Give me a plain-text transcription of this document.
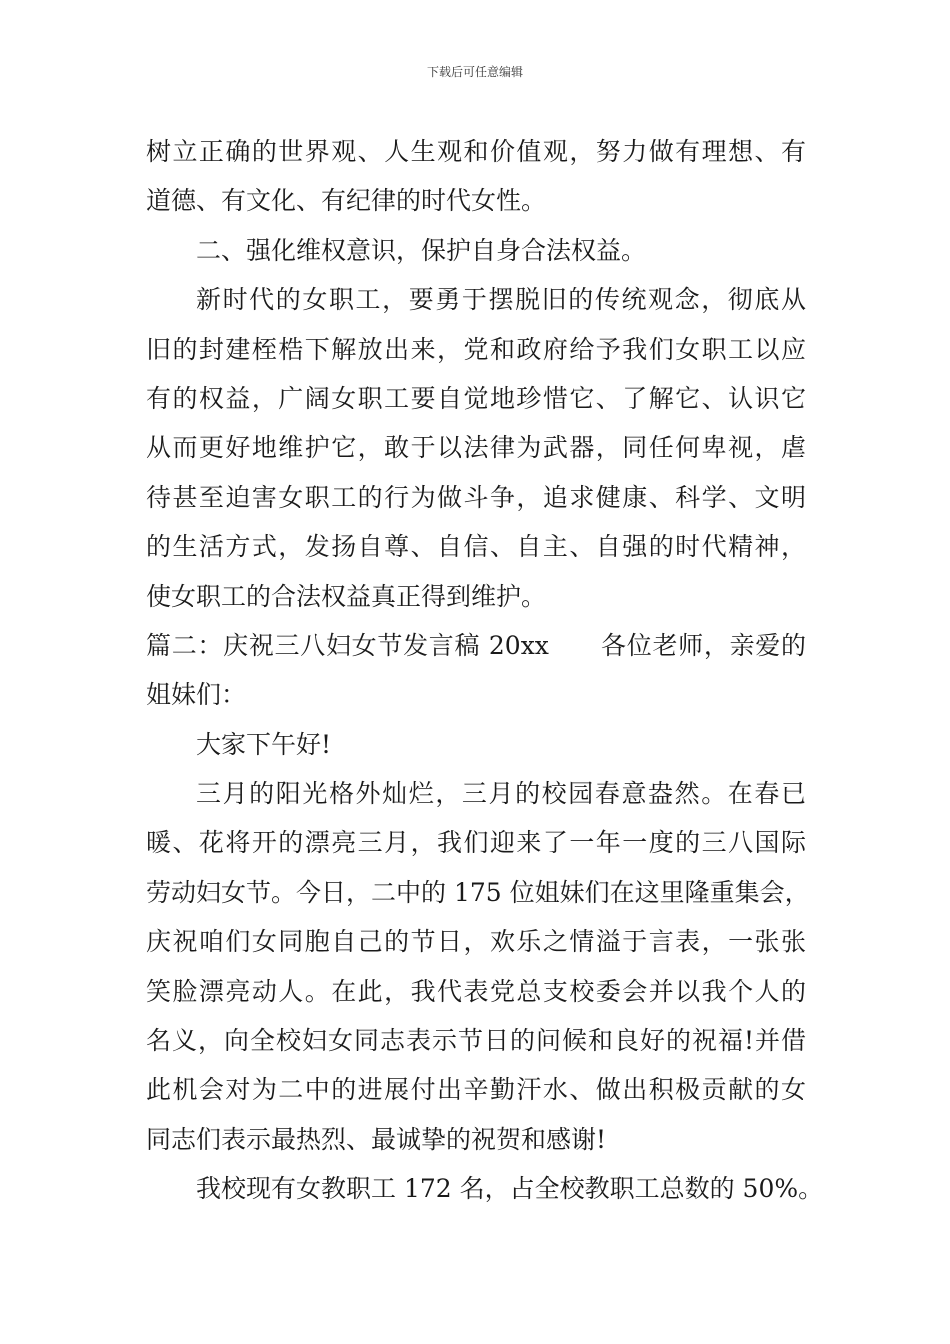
下载后可任意编辑
树立正确的世界观、人生观和价值观，努力做有理想、有
道德、有文化、有纪律的时代女性。
二、强化维权意识，保护自身合法权益。
新时代的女职工，要勇于摆脱旧的传统观念，彻底从
旧的封建桎梏下解放出来，党和政府给予我们女职工以应
有的权益，广阔女职工要自觉地珍惜它、了解它、认识它
从而更好地维护它，敢于以法律为武器，同任何卑视，虐
待甚至迫害女职工的行为做斗争，追求健康、科学、文明
的生活方式，发扬自尊、自信、自主、自强的时代精神，
使女职工的合法权益真正得到维护。
篇二：庆祝三八妇女节发言稿 20xx　　各位老师，亲爱的
姐妹们：
大家下午好!
三月的阳光格外灿烂，三月的校园春意盎然。在春已
暖、花将开的漂亮三月，我们迎来了一年一度的三八国际
劳动妇女节。今日，二中的 175 位姐妹们在这里隆重集会，
庆祝咱们女同胞自己的节日，欢乐之情溢于言表，一张张
笑脸漂亮动人。在此，我代表党总支校委会并以我个人的
名义，向全校妇女同志表示节日的问候和良好的祝福!并借
此机会对为二中的进展付出辛勤汗水、做出积极贡献的女
同志们表示最热烈、最诚挚的祝贺和感谢!
我校现有女教职工 172 名，占全校教职工总数的 50%。
